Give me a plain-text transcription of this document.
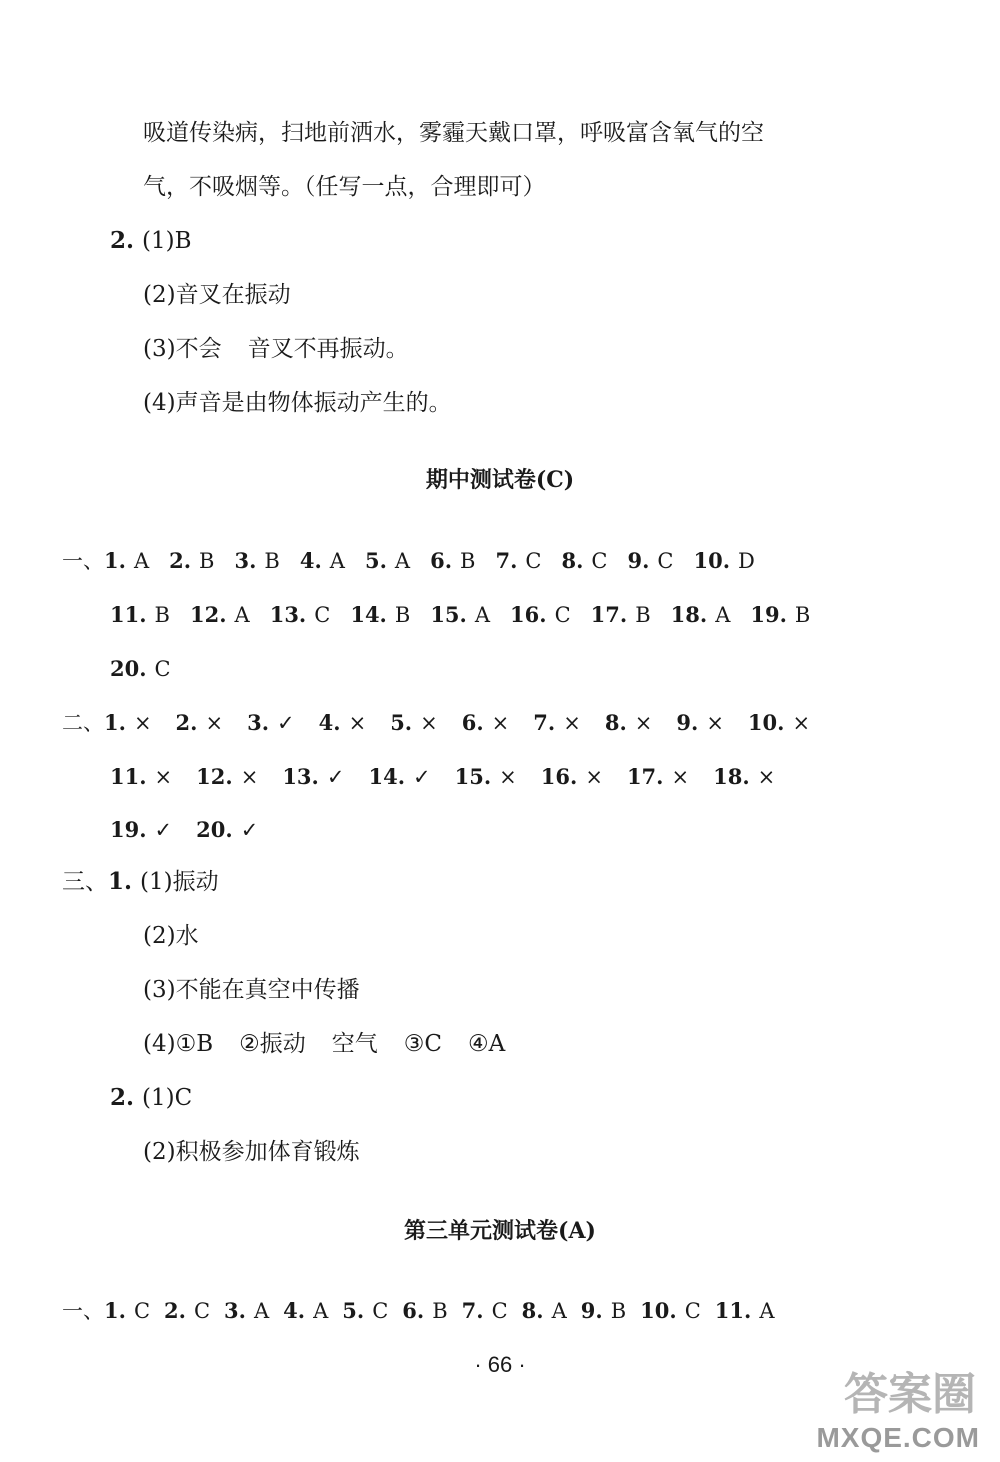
吸道传染病，扫地前洒水，雾霾天戴口罩，呼吸富含氧气的空
气，不吸烟等。（任写一点，合理即可）
2. (1)B
(2)音叉在振动
(3)不会 音叉不再振动。
(4)声音是由物体振动产生的。
期中测试卷(C)
一、1. A 2. B 3. B 4. A 5. A 6. B 7. C 8. C 9. C 10. D
11. B 12. A 13. C 14. B 15. A 16. C 17. B 18. A 19. B
20. C
二、1. × 2. × 3. ✓ 4. × 5. × 6. × 7. × 8. × 9. × 10. ×
11. × 12. × 13. ✓ 14. ✓ 15. × 16. × 17. × 18. ×
19. ✓ 20. ✓
三、1. (1)振动
(2)水
(3)不能在真空中传播
(4)①B ②振动 空气 ③C ④A
2. (1)C
(2)积极参加体育锻炼
第三单元测试卷(A)
一、1. C 2. C 3. A 4. A 5. C 6. B 7. C 8. A 9. B 10. C 11. A
· 66 ·
答案圈
MXQE.COM
